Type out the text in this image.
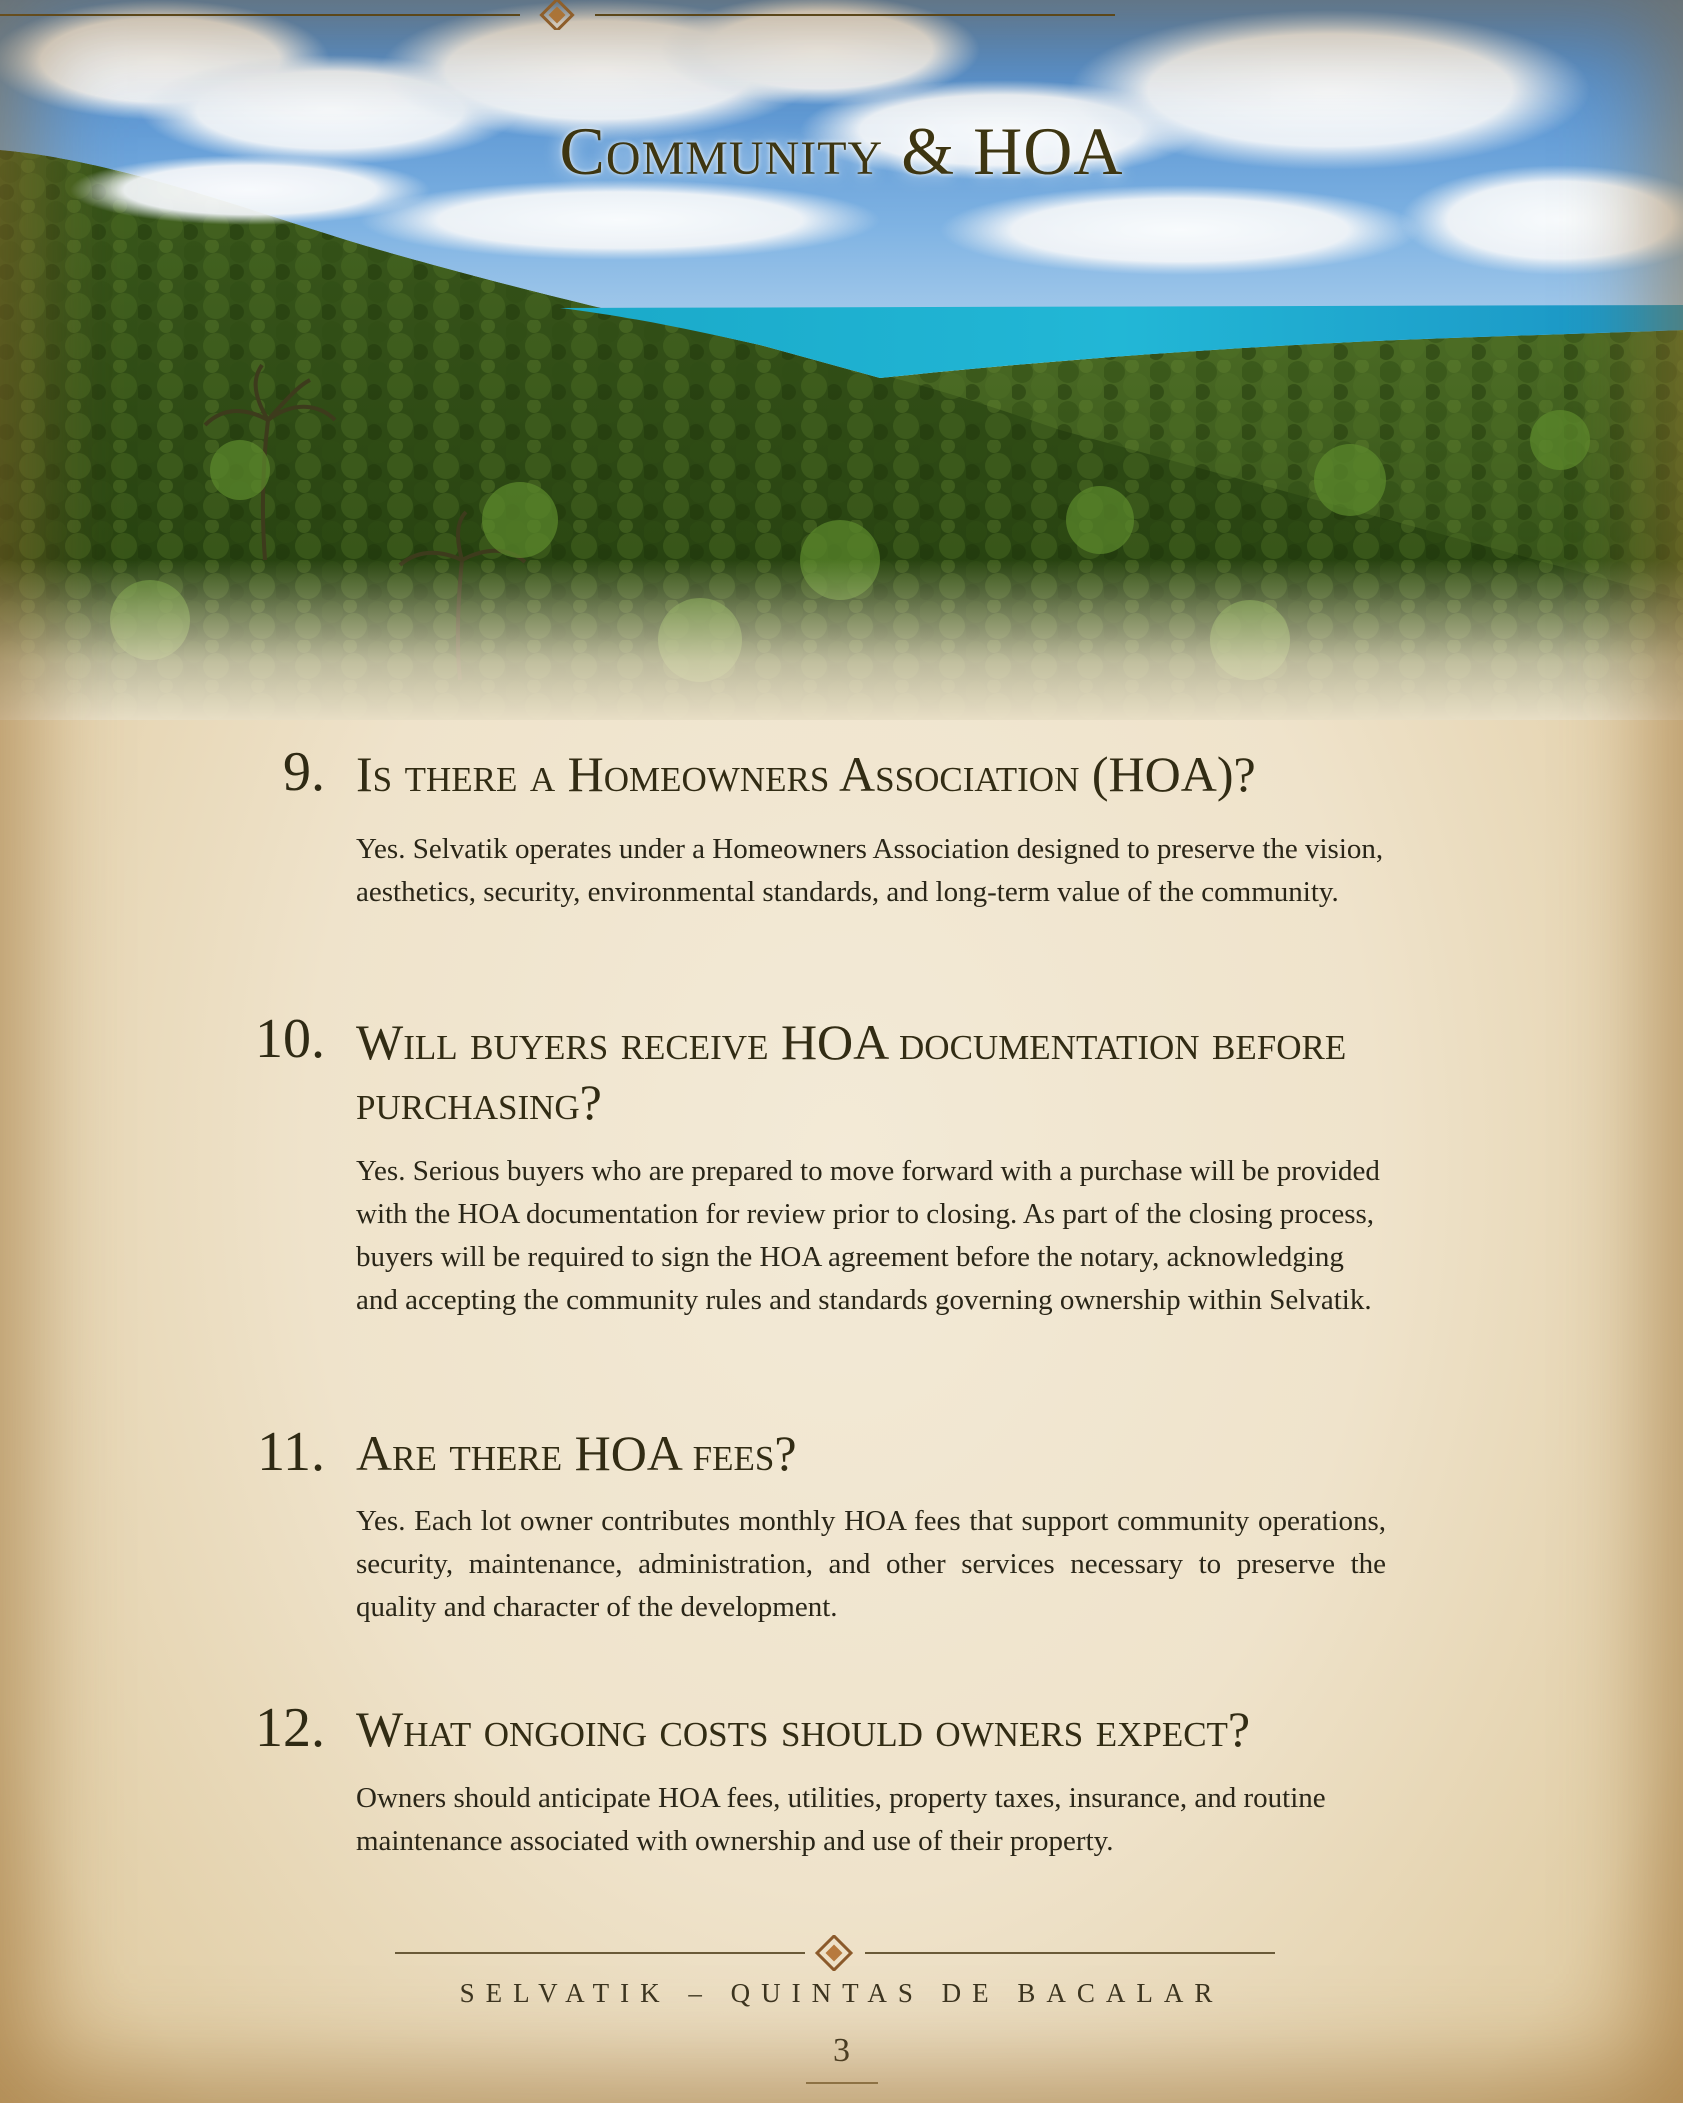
Community & HOA
9. Is there a Homeowners Association (HOA)?
Yes. Selvatik operates under a Homeowners Association designed to preserve the vision, aesthetics, security, environmental standards, and long-term value of the community.
10. Will buyers receive HOA documentation before purchasing?
Yes. Serious buyers who are prepared to move forward with a purchase will be provided with the HOA documentation for review prior to closing. As part of the closing process, buyers will be required to sign the HOA agreement before the notary, acknowledging and accepting the community rules and standards governing ownership within Selvatik.
11. Are there HOA fees?
Yes. Each lot owner contributes monthly HOA fees that support community operations, security, maintenance, administration, and other services necessary to preserve the quality and character of the development.
12. What ongoing costs should owners expect?
Owners should anticipate HOA fees, utilities, property taxes, insurance, and routine maintenance associated with ownership and use of their property.
SELVATIK – QUINTAS DE BACALAR
3
